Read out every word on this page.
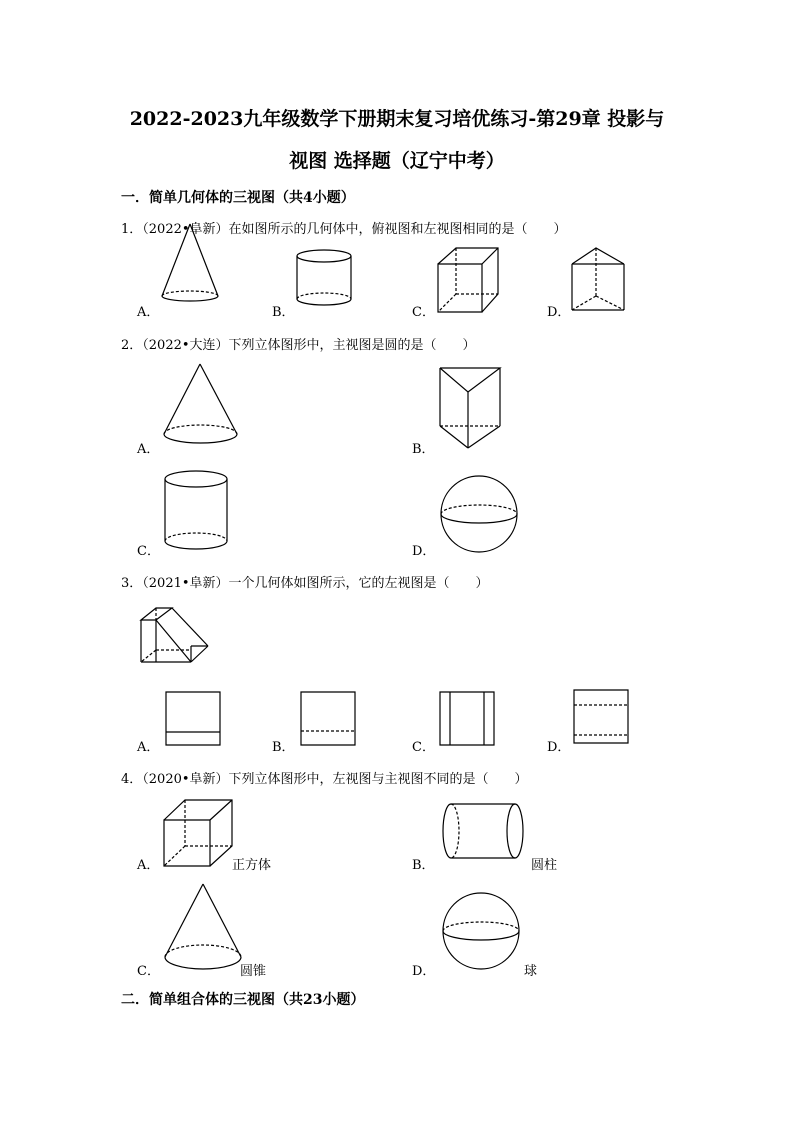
2022-2023九年级数学下册期末复习培优练习-第29章 投影与
视图 选择题（辽宁中考）
一．简单几何体的三视图（共4小题）
1．（2022•阜新）在如图所示的几何体中，俯视图和左视图相同的是（　　）
A．	B．	C．	D．
2．（2022•大连）下列立体图形中，主视图是圆的是（　　）
A．	B．
C．	D．
3．（2021•阜新）一个几何体如图所示，它的左视图是（　　）
A．	B．	C．	D．
4．（2020•阜新）下列立体图形中，左视图与主视图不同的是（　　）
A．	正方体	B．	圆柱
C．	圆锥	D．	球
二．简单组合体的三视图（共23小题）
